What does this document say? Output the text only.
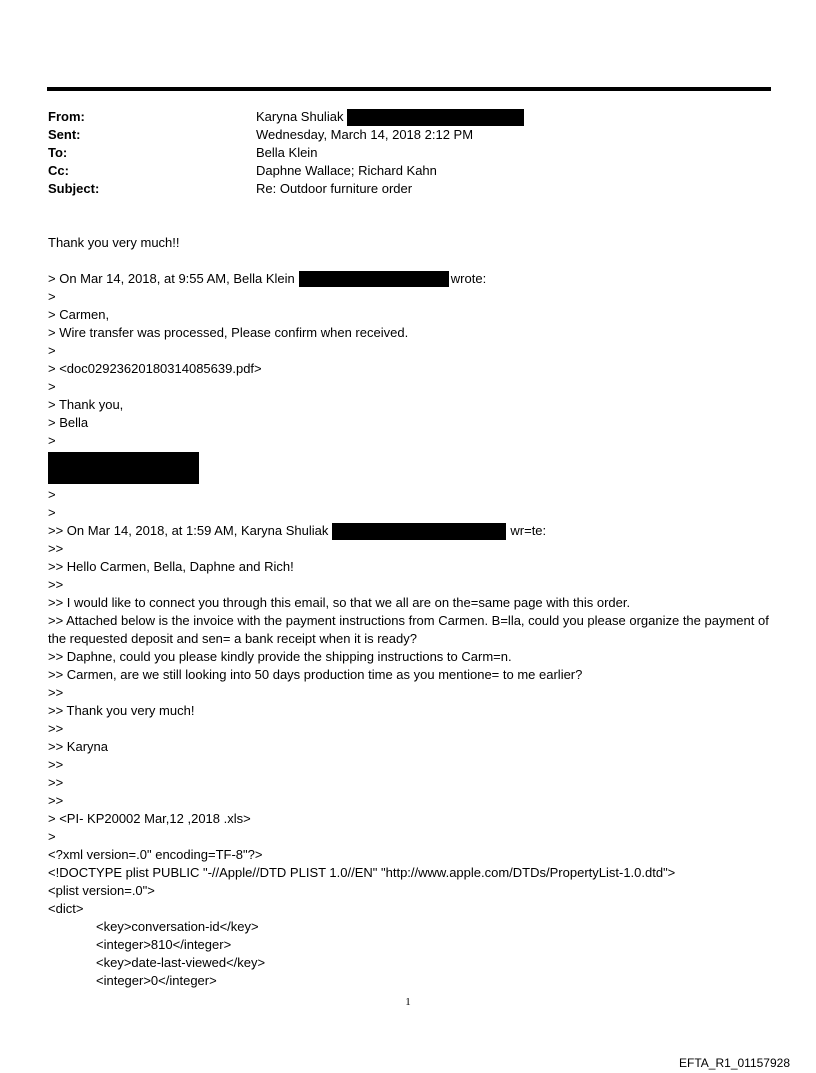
From:	Karyna Shuliak
Sent:	Wednesday, March 14, 2018 2:12 PM
To:	Bella Klein
Cc:	Daphne Wallace; Richard Kahn
Subject:	Re: Outdoor furniture order
Thank you very much!!
> On Mar 14, 2018, at 9:55 AM, Bella Klein	wrote:
>
> Carmen,
> Wire transfer was processed, Please confirm when received.
>
> <doc02923620180314085639.pdf>
>
> Thank you,
> Bella
>
>
>
>> On Mar 14, 2018, at 1:59 AM, Karyna Shuliak	wr=te:
>>
>> Hello Carmen, Bella, Daphne and Rich!
>>
>> I would like to connect you through this email, so that we all are on the=same page with this order.
>> Attached below is the invoice with the payment instructions from Carmen. B=lla, could you please organize the payment of the requested deposit and sen= a bank receipt when it is ready?
>> Daphne, could you please kindly provide the shipping instructions to Carm=n.
>> Carmen, are we still looking into 50 days production time as you mentione= to me earlier?
>>
>> Thank you very much!
>>
>> Karyna
>>
>>
>>
> <PI- KP20002 Mar,12 ,2018 .xls>
>
<?xml version=.0" encoding=TF-8"?>
<!DOCTYPE plist PUBLIC "-//Apple//DTD PLIST 1.0//EN" "http://www.apple.com/DTDs/PropertyList-1.0.dtd">
<plist version=.0">
<dict>
<key>conversation-id</key>
<integer>810</integer>
<key>date-last-viewed</key>
<integer>0</integer>
1
EFTA_R1_01157928
